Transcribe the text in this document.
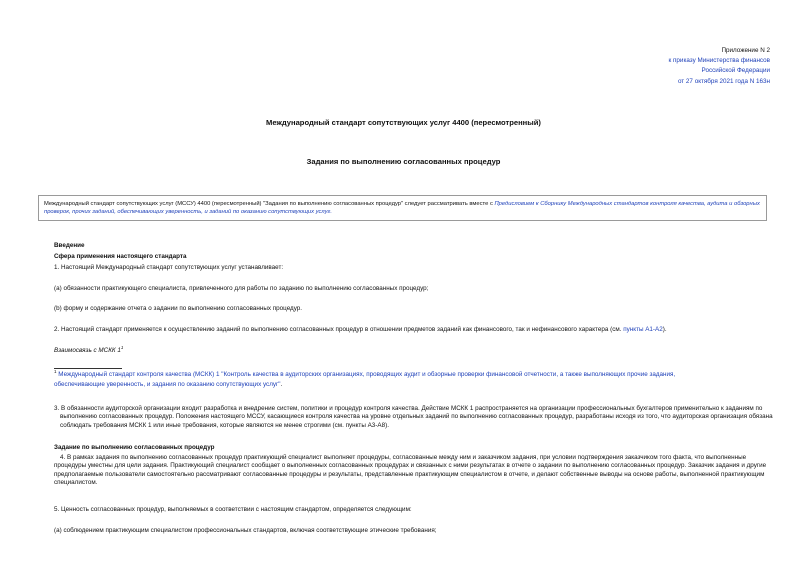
Приложение N 2
к приказу Министерства финансов
Российской Федерации
от 27 октября 2021 года N 163н
Международный стандарт сопутствующих услуг 4400 (пересмотренный)
Задания по выполнению согласованных процедур
Международный стандарт сопутствующих услуг (МССУ) 4400 (пересмотренный) "Задания по выполнению согласованных процедур" следует рассматривать вместе с Предисловием к Сборнику Международных стандартов контроля качества, аудита и обзорных проверок, прочих заданий, обеспечивающих уверенность, и заданий по оказанию сопутствующих услуг.
Введение
Сфера применения настоящего стандарта
1. Настоящий Международный стандарт сопутствующих услуг устанавливает:
(a) обязанности практикующего специалиста, привлеченного для работы по заданию по выполнению согласованных процедур;
(b) форму и содержание отчета о задании по выполнению согласованных процедур.
2. Настоящий стандарт применяется к осуществлению заданий по выполнению согласованных процедур в отношении предметов заданий как финансового, так и нефинансового характера (см. пункты A1-A2).
Взаимосвязь с МСКК $1^1$
$^1$ Международный стандарт контроля качества (МСКК) 1 "Контроль качества в аудиторских организациях, проводящих аудит и обзорные проверки финансовой отчетности, а также выполняющих прочие задания,
обеспечивающие уверенность, и задания по оказанию сопутствующих услуг".
3. В обязанности аудиторской организации входит разработка и внедрение систем, политики и процедур контроля качества. Действие МСКК 1 распространяется на организации профессиональных бухгалтеров применительно к заданиям по выполнению согласованных процедур. Положения настоящего МССУ, касающиеся контроля качества на уровне отдельных заданий по выполнению согласованных процедур, разработаны исходя из того, что аудиторская организация обязана соблюдать требования МСКК 1 или иные требования, которые являются не менее строгими (см. пункты А3-А8).
Задание по выполнению согласованных процедур
4. В рамках задания по выполнению согласованных процедур практикующий специалист выполняет процедуры, согласованные между ним и заказчиком задания, при условии подтверждения заказчиком того факта, что выполненные процедуры уместны для цели задания. Практикующий специалист сообщает о выполненных согласованных процедурах и связанных с ними результатах в отчете о задании по выполнению согласованных процедур. Заказчик задания и другие предполагаемые пользователи самостоятельно рассматривают согласованные процедуры и результаты, представленные практикующим специалистом в отчете, и делают собственные выводы на основе работы, выполненной практикующим специалистом.
5. Ценность согласованных процедур, выполняемых в соответствии с настоящим стандартом, определяется следующим:
(a) соблюдением практикующим специалистом профессиональных стандартов, включая соответствующие этические требования;
